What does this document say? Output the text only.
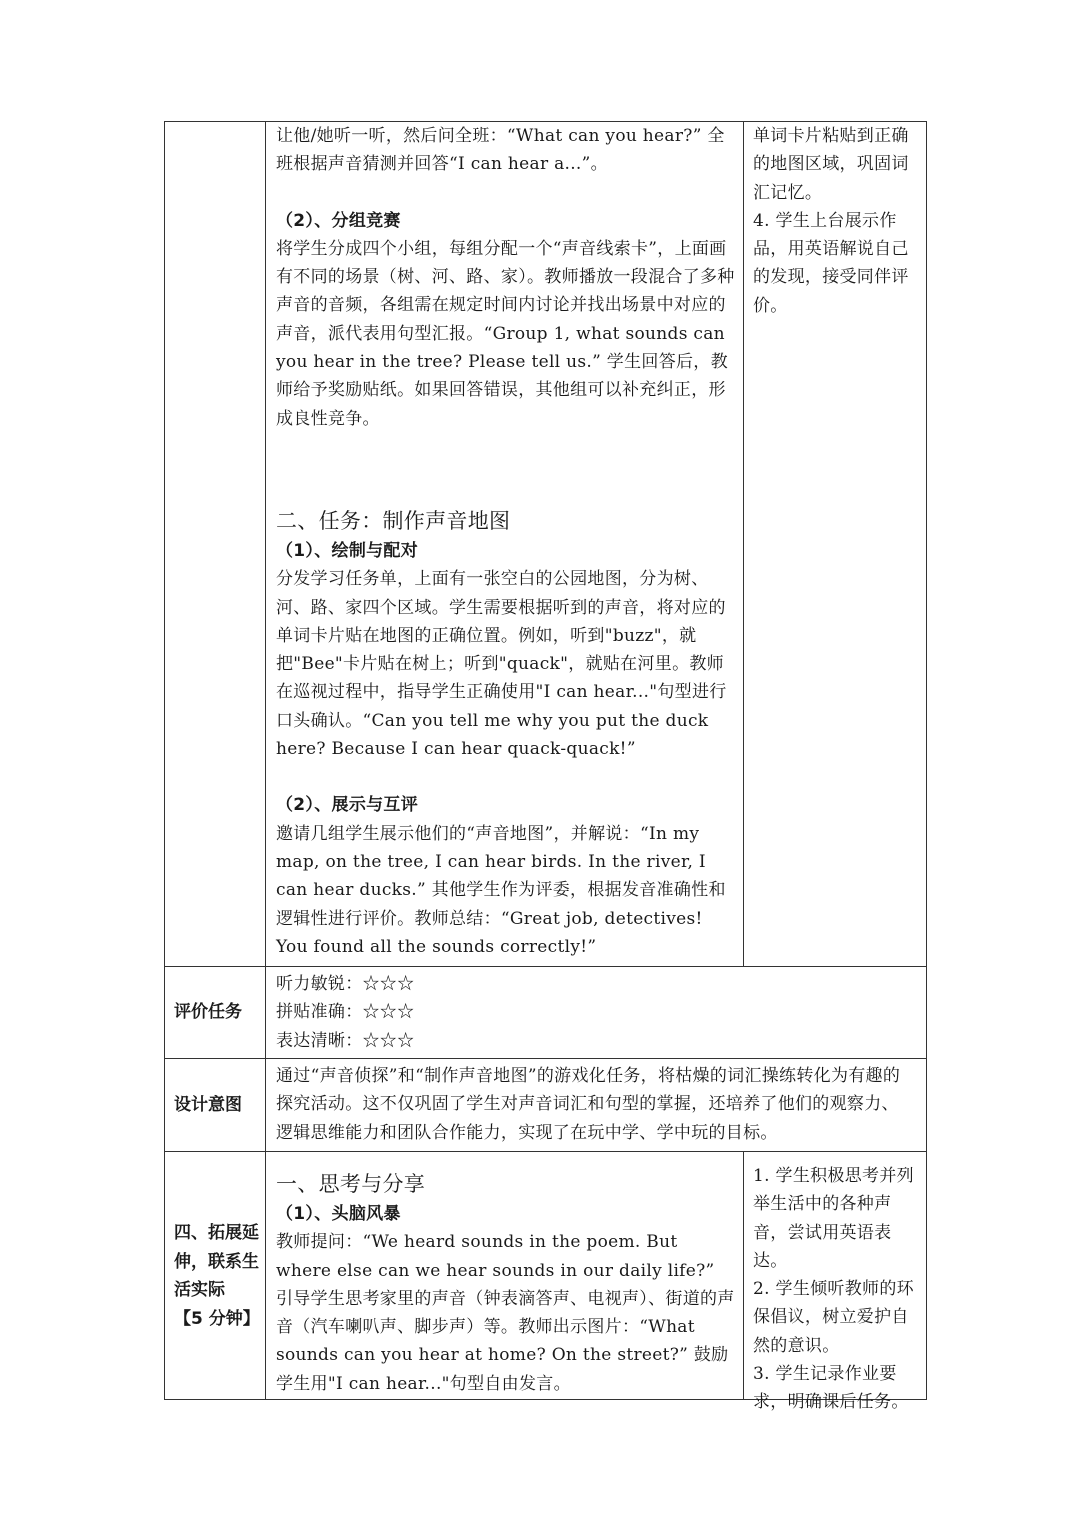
让他/她听一听，然后问全班：“What can you hear?” 全班根据声音猜测并回答“I can hear a...”。

（2）、分组竞赛

将学生分成四个小组，每组分配一个“声音线索卡”，上面画有不同的场景（树、河、路、家）。教师播放一段混合了多种声音的音频，各组需在规定时间内讨论并找出场景中对应的声音，派代表用句型汇报。“Group 1, what sounds can you hear in the tree? Please tell us.” 学生回答后，教师给予奖励贴纸。如果回答错误，其他组可以补充纠正，形成良性竞争。

二、任务：制作声音地图

（1）、绘制与配对

分发学习任务单，上面有一张空白的公园地图，分为树、河、路、家四个区域。学生需要根据听到的声音，将对应的单词卡片贴在地图的正确位置。例如，听到"buzz"，就把"Bee"卡片贴在树上；听到"quack"，就贴在河里。教师在巡视过程中，指导学生正确使用"I can hear..."句型进行口头确认。“Can you tell me why you put the duck here? Because I can hear quack-quack!”

（2）、展示与互评

邀请几组学生展示他们的“声音地图”，并解说：“In my map, on the tree, I can hear birds. In the river, I can hear ducks.” 其他学生作为评委，根据发音准确性和逻辑性进行评价。教师总结：“Great job, detectives! You found all the sounds correctly!”

单词卡片粘贴到正确的地图区域，巩固词汇记忆。

4. 学生上台展示作品，用英语解说自己的发现，接受同伴评价。

评价任务

听力敏锐：☆☆☆

拼贴准确：☆☆☆

表达清晰：☆☆☆

设计意图
通过“声音侦探”和“制作声音地图”的游戏化任务，将枯燥的词汇操练转化为有趣的探究活动。这不仅巩固了学生对声音词汇和句型的掌握，还培养了他们的观察力、逻辑思维能力和团队合作能力，实现了在玩中学、学中玩的目标。
四、拓展延
伸，联系生
活实际
【5 分钟】

一、思考与分享

（1）、头脑风暴

教师提问：“We heard sounds in the poem. But where else can we hear sounds in our daily life?” 引导学生思考家里的声音（钟表滴答声、电视声）、街道的声音（汽车喇叭声、脚步声）等。教师出示图片：“What sounds can you hear at home? On the street?” 鼓励学生用"I can hear..."句型自由发言。

1. 学生积极思考并列举生活中的各种声音，尝试用英语表达。

2. 学生倾听教师的环保倡议，树立爱护自然的意识。

3. 学生记录作业要求，明确课后任务。
